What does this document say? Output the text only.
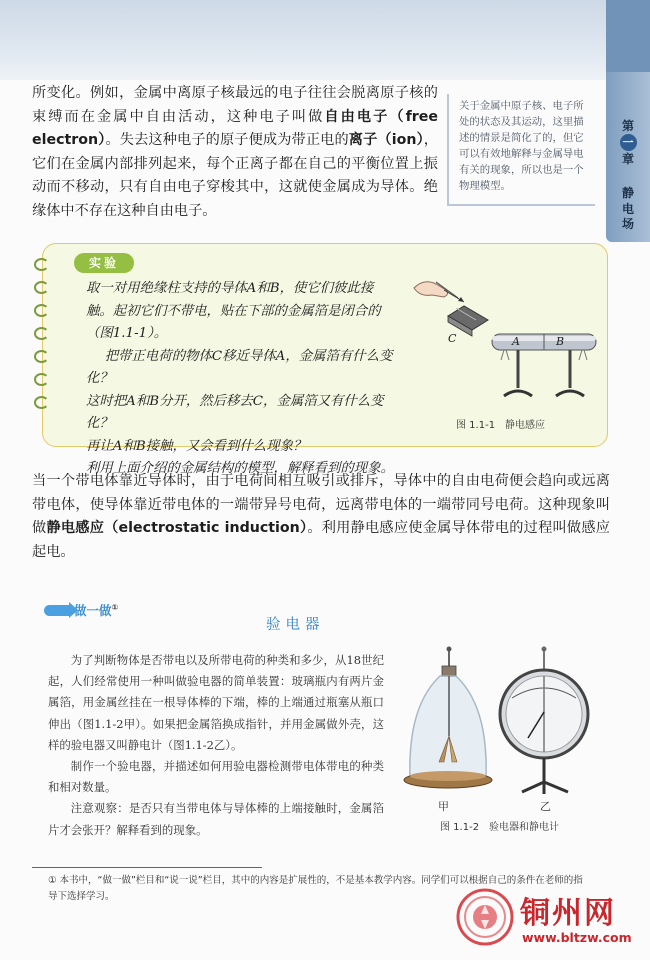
第
一
章
静电场
所变化。例如，金属中离原子核最远的电子往往会脱离原子核的束缚而在金属中自由活动，这种电子叫做自由电子（free electron）。失去这种电子的原子便成为带正电的离子（ion），它们在金属内部排列起来，每个正离子都在自己的平衡位置上振动而不移动，只有自由电子穿梭其中，这就使金属成为导体。绝缘体中不存在这种自由电子。
关于金属中原子核、电子所处的状态及其运动，这里描述的情景是简化了的，但它可以有效地解释与金属导电有关的现象，所以也是一个物理模型。
实验

取一对用绝缘柱支持的导体A和B，使它们彼此接触。起初它们不带电，贴在下部的金属箔是闭合的（图1.1-1）。

把带正电荷的物体C移近导体A，金属箔有什么变化？

这时把A和B分开，然后移去C，金属箔又有什么变化？

再让A和B接触，又会看到什么现象？

利用上面介绍的金属结构的模型，解释看到的现象。

C	A	B
图 1.1-1　静电感应
当一个带电体靠近导体时，由于电荷间相互吸引或排斥，导体中的自由电荷便会趋向或远离带电体，使导体靠近带电体的一端带异号电荷，远离带电体的一端带同号电荷。这种现象叫做静电感应（electrostatic induction）。利用静电感应使金属导体带电的过程叫做感应起电。
做一做①
验电器

为了判断物体是否带电以及所带电荷的种类和多少，从18世纪起，人们经常使用一种叫做验电器的简单装置：玻璃瓶内有两片金属箔，用金属丝挂在一根导体棒的下端，棒的上端通过瓶塞从瓶口伸出（图1.1-2甲）。如果把金属箔换成指针，并用金属做外壳，这样的验电器又叫静电计（图1.1-2乙）。

制作一个验电器，并描述如何用验电器检测带电体带电的种类和相对数量。

注意观察：是否只有当带电体与导体棒的上端接触时，金属箔片才会张开？解释看到的现象。

甲	乙
图 1.1-2　验电器和静电计
① 本书中，“做一做”栏目和“说一说”栏目，其中的内容是扩展性的，不是基本教学内容。同学们可以根据自己的条件在老师的指导下选择学习。	铜州网
www.bltzw.com
